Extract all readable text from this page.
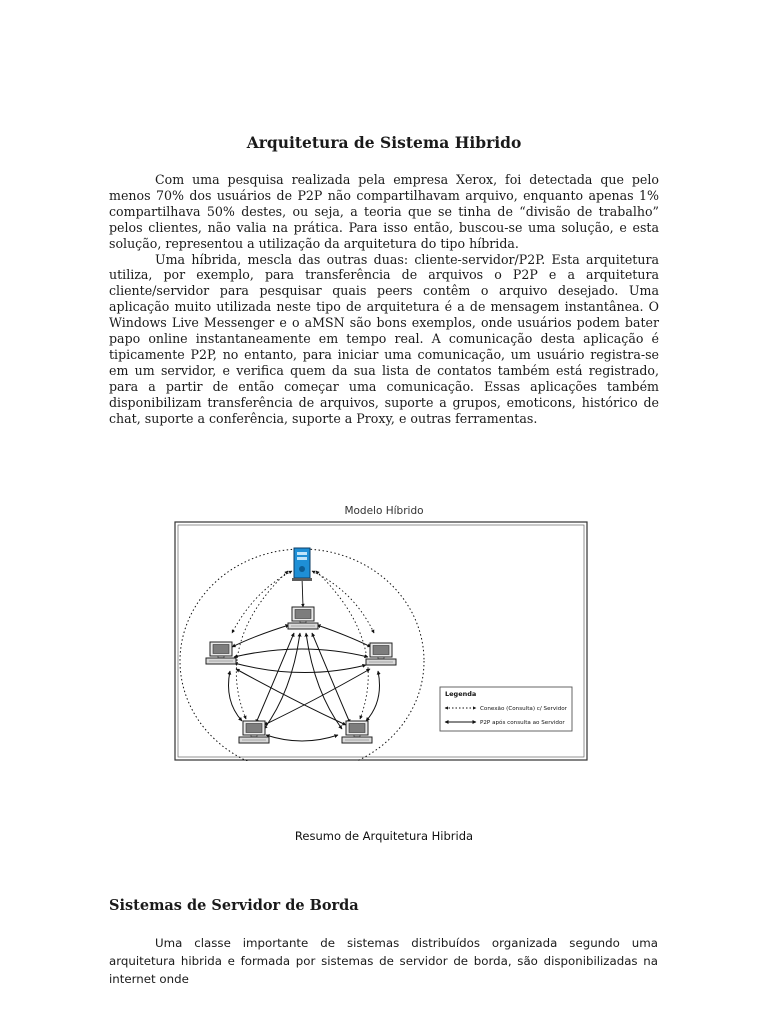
Arquitetura de Sistema Hibrido

Com uma pesquisa realizada pela empresa Xerox, foi detectada que pelo menos 70% dos usuários de P2P não compartilhavam arquivo, enquanto apenas 1% compartilhava 50% destes, ou seja, a teoria que se tinha de “divisão de trabalho” pelos clientes, não valia na prática. Para isso então, buscou-se uma solução, e esta solução, representou a utilização da arquitetura do tipo híbrida.

Uma híbrida, mescla das outras duas: cliente-servidor/P2P. Esta arquitetura utiliza, por exemplo, para transferência de arquivos o P2P e a arquitetura cliente/servidor para pesquisar quais peers contêm o arquivo desejado. Uma aplicação muito utilizada neste tipo de arquitetura é a de mensagem instantânea. O Windows Live Messenger e o aMSN são bons exemplos, onde usuários podem bater papo online instantaneamente em tempo real. A comunicação desta aplicação é tipicamente P2P, no entanto, para iniciar uma comunicação, um usuário registra-se em um servidor, e verifica quem da sua lista de contatos também está registrado, para a partir de então começar uma comunicação. Essas aplicações também disponibilizam transferência de arquivos, suporte a grupos, emoticons, histórico de chat, suporte a conferência, suporte a Proxy, e outras ferramentas.

Modelo Híbrido
Legenda
Conexão (Consulta) c/ Servidor
P2P após consulta ao Servidor
Resumo de Arquitetura Hibrida
Sistemas de Servidor de Borda

Uma classe importante de sistemas distribuídos organizada segundo uma arquitetura hibrida e formada por sistemas de servidor de borda, são disponibilizadas na internet onde
